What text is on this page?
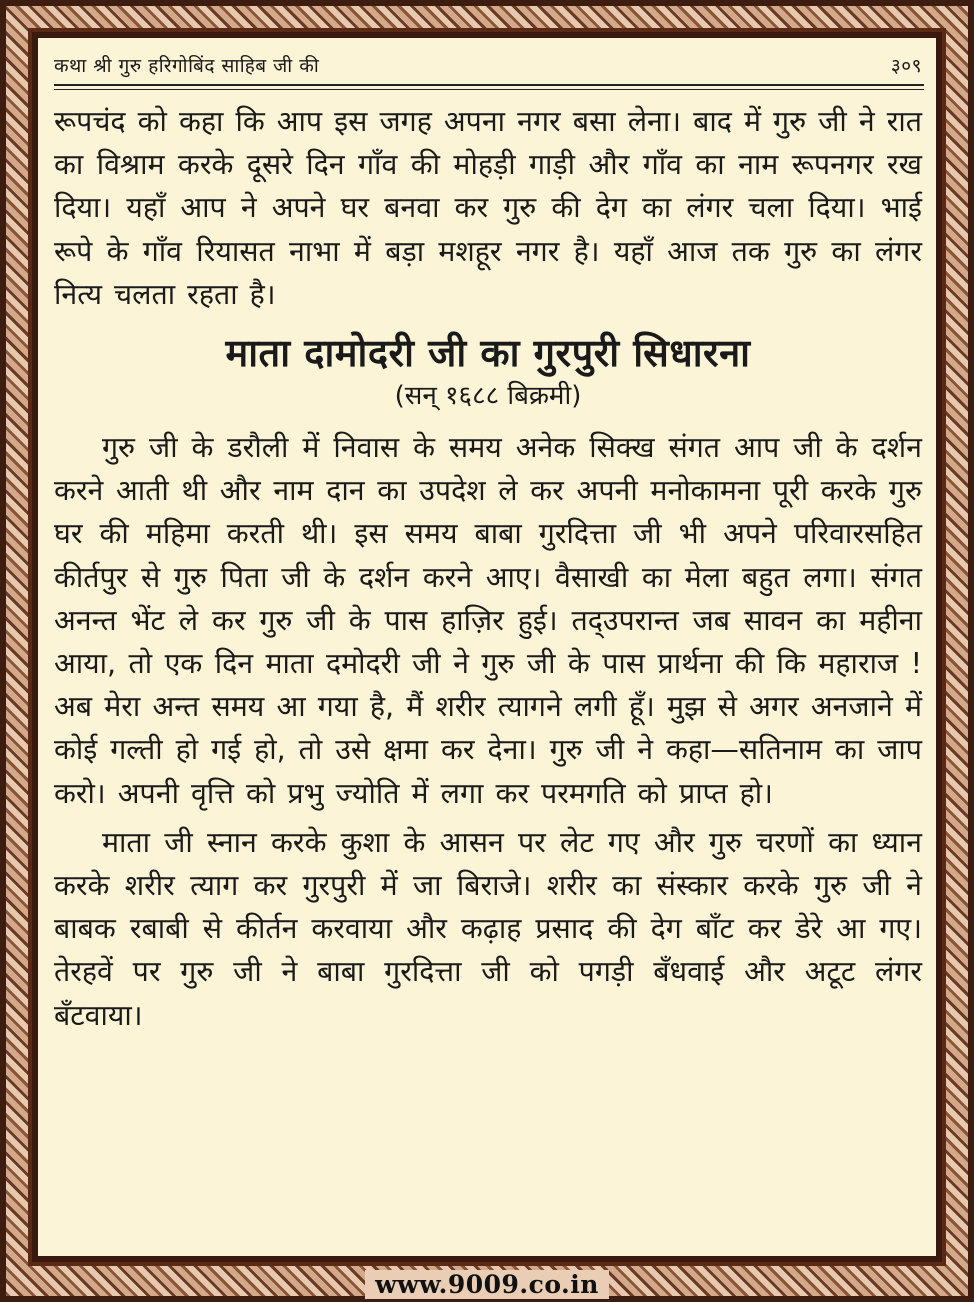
कथा श्री गुरु हरिगोबिंद साहिब जी की	३०९

रूपचंद को कहा कि आप इस जगह अपना नगर बसा लेना। बाद में गुरु जी ने रात का विश्राम करके दूसरे दिन गाँव की मोहड़ी गाड़ी और गाँव का नाम रूपनगर रख दिया। यहाँ आप ने अपने घर बनवा कर गुरु की देग का लंगर चला दिया। भाई रूपे के गाँव रियासत नाभा में बड़ा मशहूर नगर है। यहाँ आज तक गुरु का लंगर नित्य चलता रहता है।

माता दामोदरी जी का गुरपुरी सिधारना
(सन् १६८८ बिक्रमी)

गुरु जी के डरौली में निवास के समय अनेक सिक्ख संगत आप जी के दर्शन करने आती थी और नाम दान का उपदेश ले कर अपनी मनोकामना पूरी करके गुरु घर की महिमा करती थी। इस समय बाबा गुरदित्ता जी भी अपने परिवारसहित कीर्तपुर से गुरु पिता जी के दर्शन करने आए। वैसाखी का मेला बहुत लगा। संगत अनन्त भेंट ले कर गुरु जी के पास हाज़िर हुई। तद्उपरान्त जब सावन का महीना आया, तो एक दिन माता दमोदरी जी ने गुरु जी के पास प्रार्थना की कि महाराज ! अब मेरा अन्त समय आ गया है, मैं शरीर त्यागने लगी हूँ। मुझ से अगर अनजाने में कोई गल्ती हो गई हो, तो उसे क्षमा कर देना। गुरु जी ने कहा—सतिनाम का जाप करो। अपनी वृत्ति को प्रभु ज्योति में लगा कर परमगति को प्राप्त हो।

माता जी स्नान करके कुशा के आसन पर लेट गए और गुरु चरणों का ध्यान करके शरीर त्याग कर गुरपुरी में जा बिराजे। शरीर का संस्कार करके गुरु जी ने बाबक रबाबी से कीर्तन करवाया और कढ़ाह प्रसाद की देग बाँट कर डेरे आ गए। तेरहवें पर गुरु जी ने बाबा गुरदित्ता जी को पगड़ी बँधवाई और अटूट लंगर बँटवाया।

www.9009.co.in
